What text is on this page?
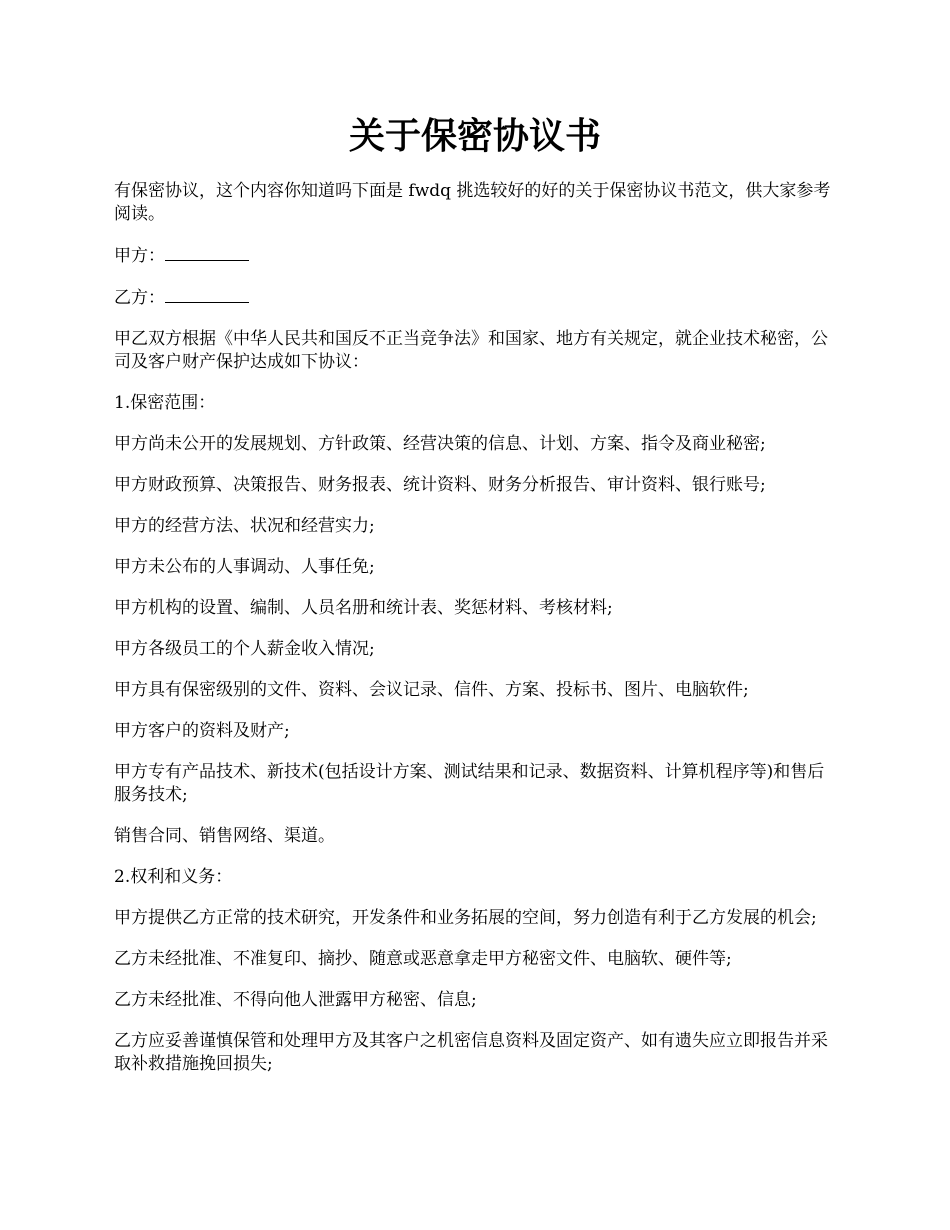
关于保密协议书

有保密协议，这个内容你知道吗下面是 fwdq 挑选较好的好的关于保密协议书范文，供大家参考阅读。

甲方：

乙方：

甲乙双方根据《中华人民共和国反不正当竞争法》和国家、地方有关规定，就企业技术秘密，公司及客户财产保护达成如下协议：

1.保密范围：

甲方尚未公开的发展规划、方针政策、经营决策的信息、计划、方案、指令及商业秘密;

甲方财政预算、决策报告、财务报表、统计资料、财务分析报告、审计资料、银行账号;

甲方的经营方法、状况和经营实力;

甲方未公布的人事调动、人事任免;

甲方机构的设置、编制、人员名册和统计表、奖惩材料、考核材料;

甲方各级员工的个人薪金收入情况;

甲方具有保密级别的文件、资料、会议记录、信件、方案、投标书、图片、电脑软件;

甲方客户的资料及财产;

甲方专有产品技术、新技术(包括设计方案、测试结果和记录、数据资料、计算机程序等)和售后服务技术;

销售合同、销售网络、渠道。

2.权利和义务：

甲方提供乙方正常的技术研究，开发条件和业务拓展的空间，努力创造有利于乙方发展的机会;

乙方未经批准、不准复印、摘抄、随意或恶意拿走甲方秘密文件、电脑软、硬件等;

乙方未经批准、不得向他人泄露甲方秘密、信息;

乙方应妥善谨慎保管和处理甲方及其客户之机密信息资料及固定资产、如有遗失应立即报告并采取补救措施挽回损失;
